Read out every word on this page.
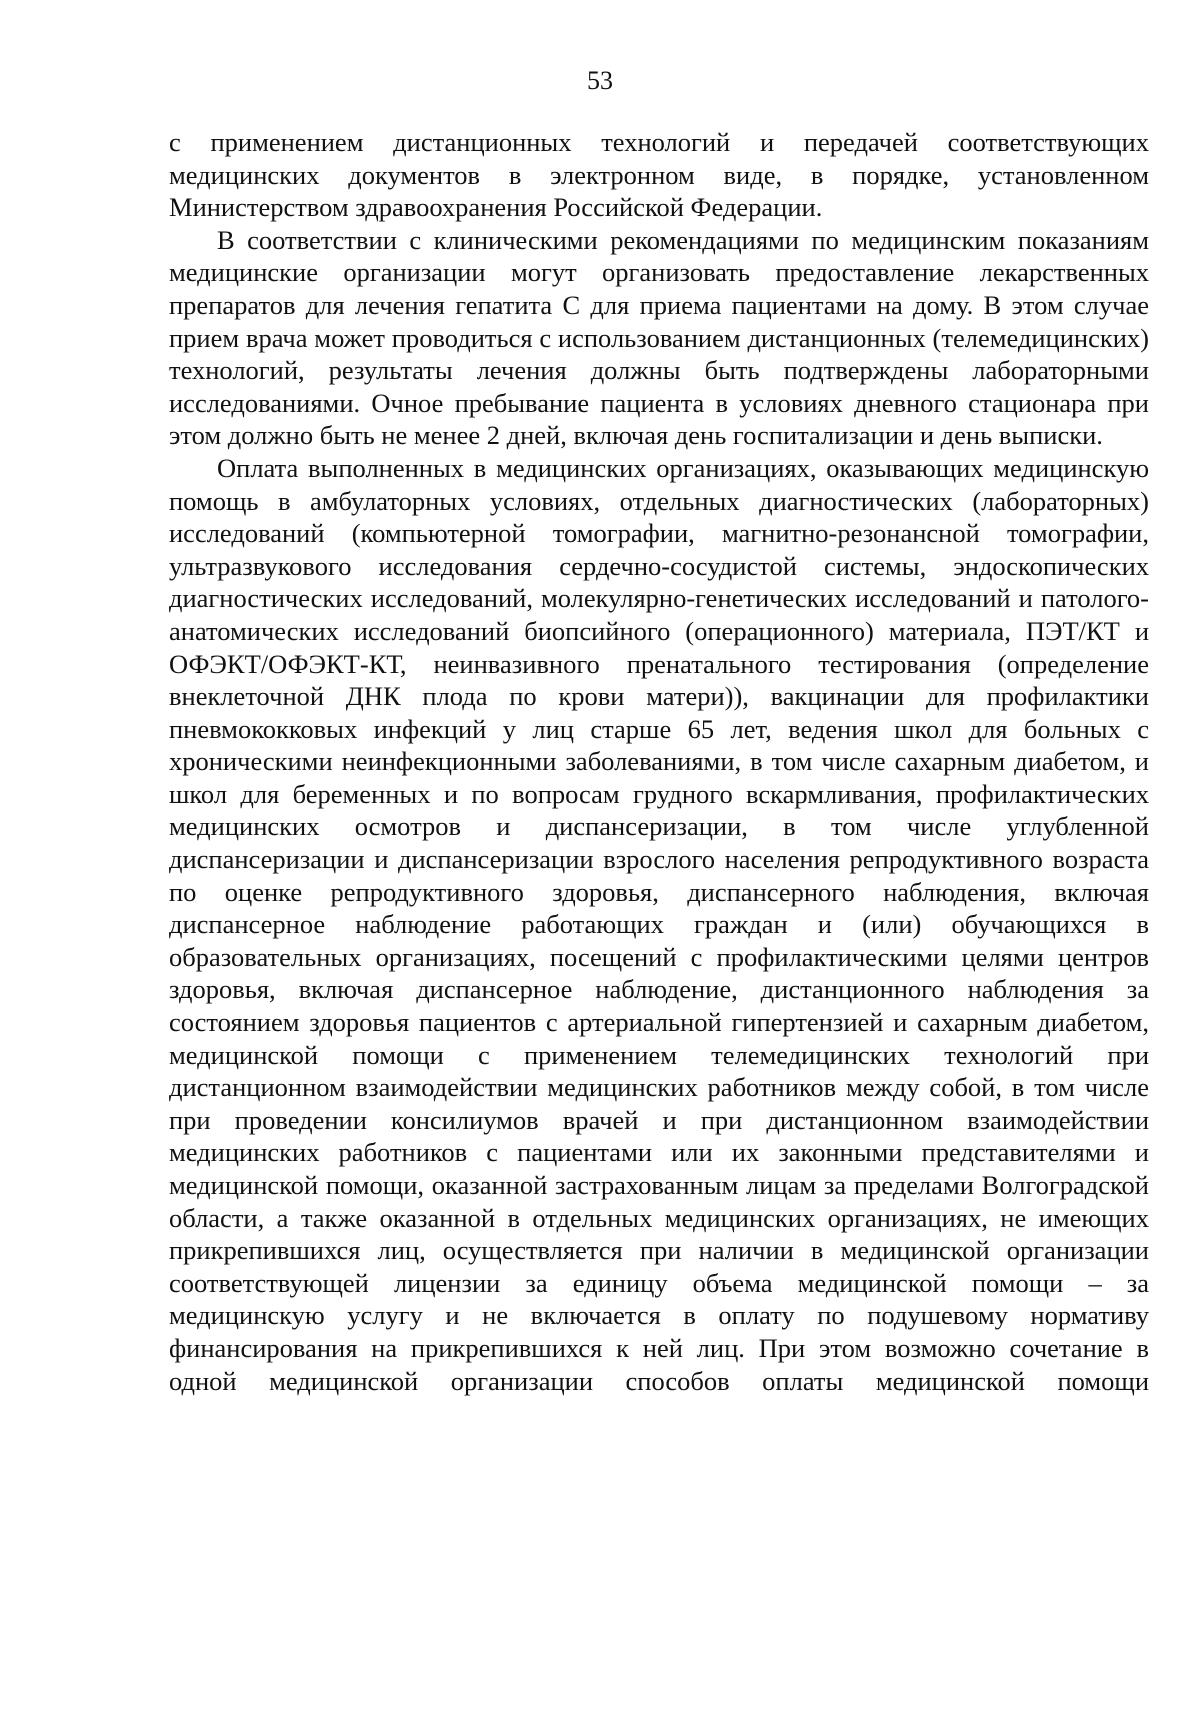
53

с применением дистанционных технологий и передачей соответствующих медицинских документов в электронном виде, в порядке, установленном Министерством здравоохранения Российской Федерации.

В соответствии с клиническими рекомендациями по медицинским показаниям медицинские организации могут организовать предоставление лекарственных препаратов для лечения гепатита С для приема пациентами на дому. В этом случае прием врача может проводиться с использованием дистанционных (телемедицинских) технологий, результаты лечения должны быть подтверждены лабораторными исследованиями. Очное пребывание пациента в условиях дневного стационара при этом должно быть не менее 2 дней, включая день госпитализации и день выписки.

Оплата выполненных в медицинских организациях, оказывающих медицинскую помощь в амбулаторных условиях, отдельных диагностических (лабораторных) исследований (компьютерной томографии, магнитно-резонансной томографии, ультразвукового исследования сердечно-сосудистой системы, эндоскопических диагностических исследований, молекулярно-генетических исследований и патолого-анатомических исследований биопсийного (операционного) материала, ПЭТ/КТ и ОФЭКТ/ОФЭКТ-КТ, неинвазивного пренатального тестирования (определение внеклеточной ДНК плода по крови матери)), вакцинации для профилактики пневмококковых инфекций у лиц старше 65 лет, ведения школ для больных с хроническими неинфекционными заболеваниями, в том числе сахарным диабетом, и школ для беременных и по вопросам грудного вскармливания, профилактических медицинских осмотров и диспансеризации, в том числе углубленной диспансеризации и диспансеризации взрослого населения репродуктивного возраста по оценке репродуктивного здоровья, диспансерного наблюдения, включая диспансерное наблюдение работающих граждан и (или) обучающихся в образовательных организациях, посещений с профилактическими целями центров здоровья, включая диспансерное наблюдение, дистанционного наблюдения за состоянием здоровья пациентов с артериальной гипертензией и сахарным диабетом, медицинской помощи с применением телемедицинских технологий при дистанционном взаимодействии медицинских работников между собой, в том числе при проведении консилиумов врачей и при дистанционном взаимодействии медицинских работников с пациентами или их законными представителями и медицинской помощи, оказанной застрахованным лицам за пределами Волгоградской области, а также оказанной в отдельных медицинских организациях, не имеющих прикрепившихся лиц, осуществляется при наличии в медицинской организации соответствующей лицензии за единицу объема медицинской помощи – за медицинскую услугу и не включается в оплату по подушевому нормативу финансирования на прикрепившихся к ней лиц. При этом возможно сочетание в одной медицинской организации способов оплаты медицинской помощи
